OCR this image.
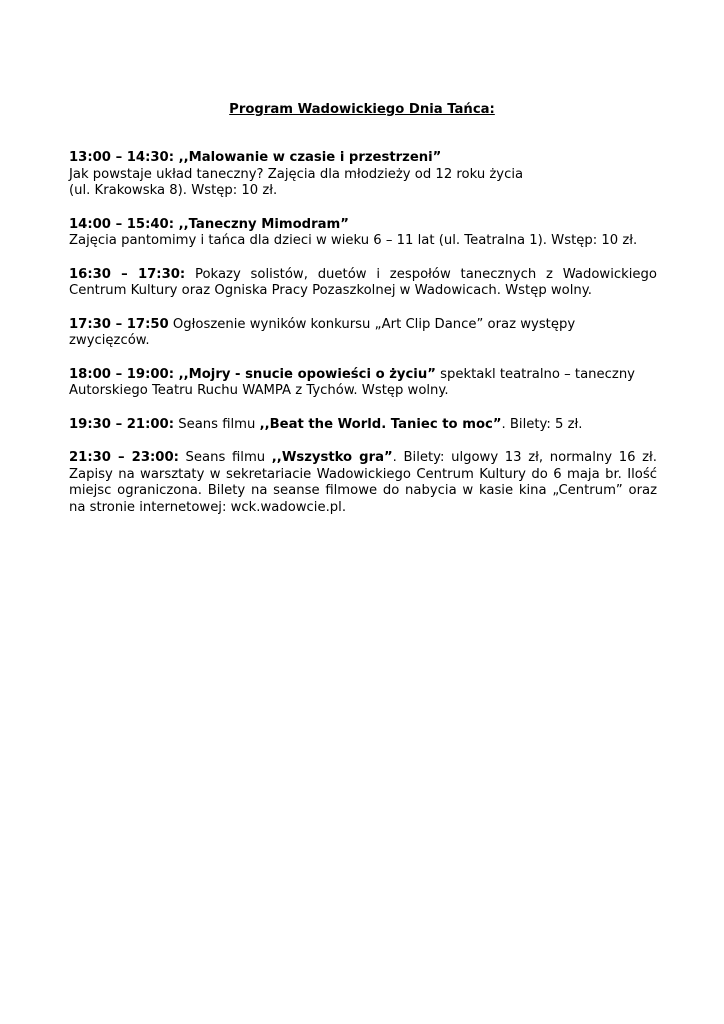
Program Wadowickiego Dnia Tańca:

13:00 – 14:30: ,,Malowanie w czasie i przestrzeni”

Jak powstaje układ taneczny? Zajęcia dla młodzieży od 12 roku życia

(ul. Krakowska 8). Wstęp: 10 zł.

14:00 – 15:40: ,,Taneczny Mimodram”

Zajęcia pantomimy i tańca dla dzieci w wieku 6 – 11 lat (ul. Teatralna 1). Wstęp: 10 zł.

16:30 – 17:30: Pokazy solistów, duetów i zespołów tanecznych z Wadowickiego Centrum Kultury oraz Ogniska Pracy Pozaszkolnej w Wadowicach. Wstęp wolny.

17:30 – 17:50 Ogłoszenie wyników konkursu „Art Clip Dance” oraz występy zwycięzców.

18:00 – 19:00: ,,Mojry - snucie opowieści o życiu” spektakl teatralno – taneczny Autorskiego Teatru Ruchu WAMPA z Tychów. Wstęp wolny.

19:30 – 21:00: Seans filmu ,,Beat the World. Taniec to moc”. Bilety: 5 zł.

21:30 – 23:00: Seans filmu ,,Wszystko gra”. Bilety: ulgowy 13 zł, normalny 16 zł. Zapisy na warsztaty w sekretariacie Wadowickiego Centrum Kultury do 6 maja br. Ilość miejsc ograniczona. Bilety na seanse filmowe do nabycia w kasie kina „Centrum” oraz na stronie internetowej: wck.wadowcie.pl.
